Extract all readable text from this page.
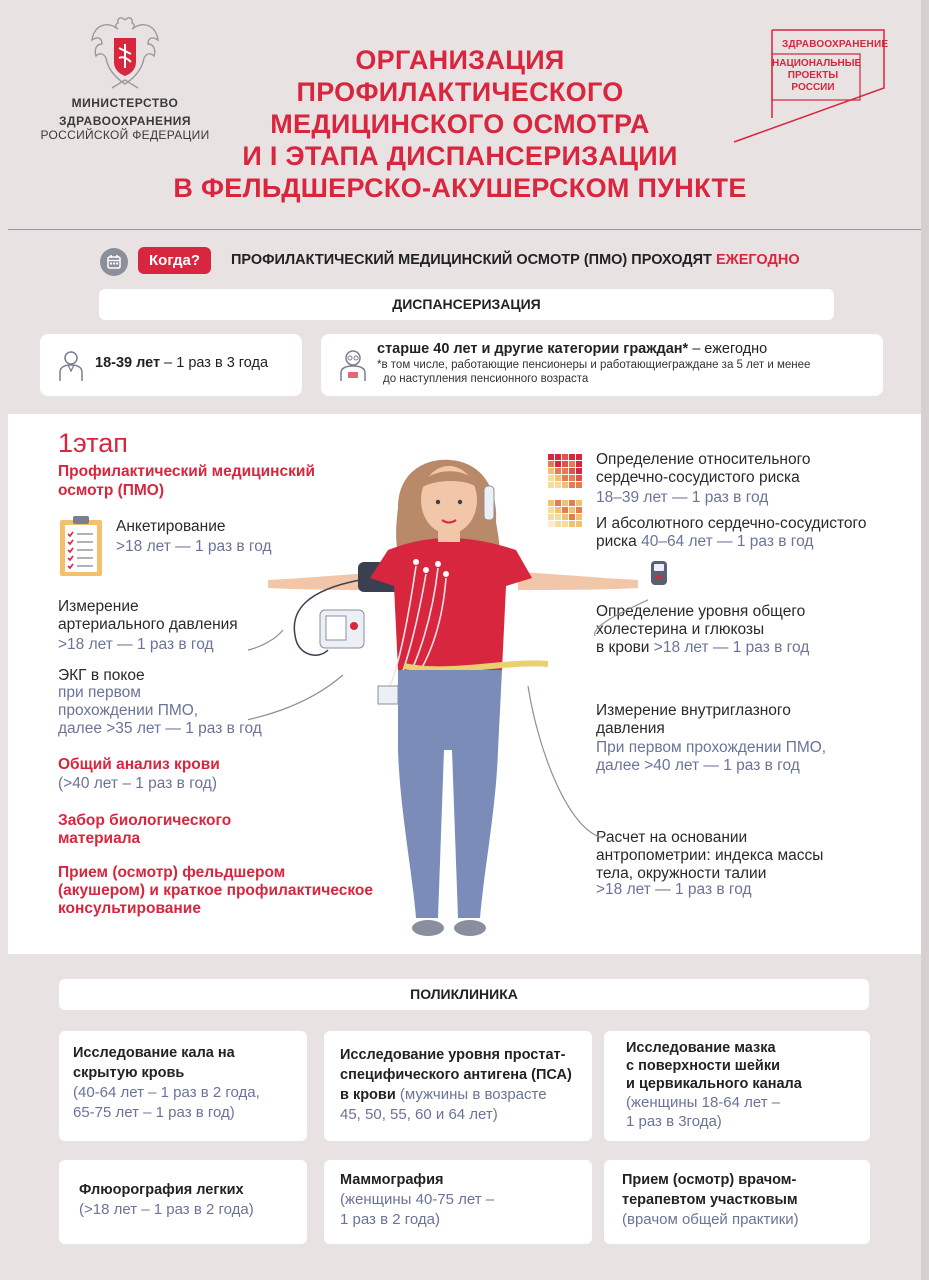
МИНИСТЕРСТВО
ЗДРАВООХРАНЕНИЯ
РОССИЙСКОЙ ФЕДЕРАЦИИ
ОРГАНИЗАЦИЯ
ПРОФИЛАКТИЧЕСКОГО
МЕДИЦИНСКОГО ОСМОТРА
И I ЭТАПА ДИСПАНСЕРИЗАЦИИ
В ФЕЛЬДШЕРСКО-АКУШЕРСКОМ ПУНКТЕ
ЗДРАВООХРАНЕНИЕ
НАЦИОНАЛЬНЫЕ
ПРОЕКТЫ
РОССИИ
Когда?	ПРОФИЛАКТИЧЕСКИЙ МЕДИЦИНСКИЙ ОСМОТР (ПМО) ПРОХОДЯТ ЕЖЕГОДНО
ДИСПАНСЕРИЗАЦИЯ
18-39 лет – 1 раз в 3 года
старше 40 лет и другие категории граждан* – ежегодно
*в том числе, работающие пенсионеры и работающиеграждане за 5 лет и менее
до наступления пенсионного возраста
1этап
Профилактический медицинский осмотр (ПМО)
Анкетирование
>18 лет — 1 раз в год
Измерение
артериального давления
>18 лет — 1 раз в год
ЭКГ в покое
при первом
прохождении ПМО,
далее >35 лет — 1 раз в год
Общий анализ крови
(>40 лет – 1 раз в год)
Забор биологического
материала
Прием (осмотр) фельдшером
(акушером) и краткое профилактическое
консультирование
Определение относительного
сердечно-сосудистого риска
18–39 лет — 1 раз в год
И абсолютного сердечно-сосудистого
риска 40–64 лет — 1 раз в год
Определение уровня общего
холестерина и глюкозы
в крови >18 лет — 1 раз в год
Измерение внутриглазного
давления
При первом прохождении ПМО,
далее >40 лет — 1 раз в год
Расчет на основании
антропометрии: индекса массы
тела, окружности талии
>18 лет — 1 раз в год
ПОЛИКЛИНИКА
Исследование кала на
скрытую кровь
(40-64 лет – 1 раз в 2 года,
65-75 лет – 1 раз в год)
Исследование уровня простат-
специфического антигена (ПСА)
в крови (мужчины в возрасте
45, 50, 55, 60 и 64 лет)
Исследование мазка
с поверхности шейки
и цервикального канала
(женщины 18-64 лет –
1 раз в 3года)
Флюорография легких
(>18 лет – 1 раз в 2 года)
Маммография
(женщины 40-75 лет –
1 раз в 2 года)
Прием (осмотр) врачом-
терапевтом участковым
(врачом общей практики)
